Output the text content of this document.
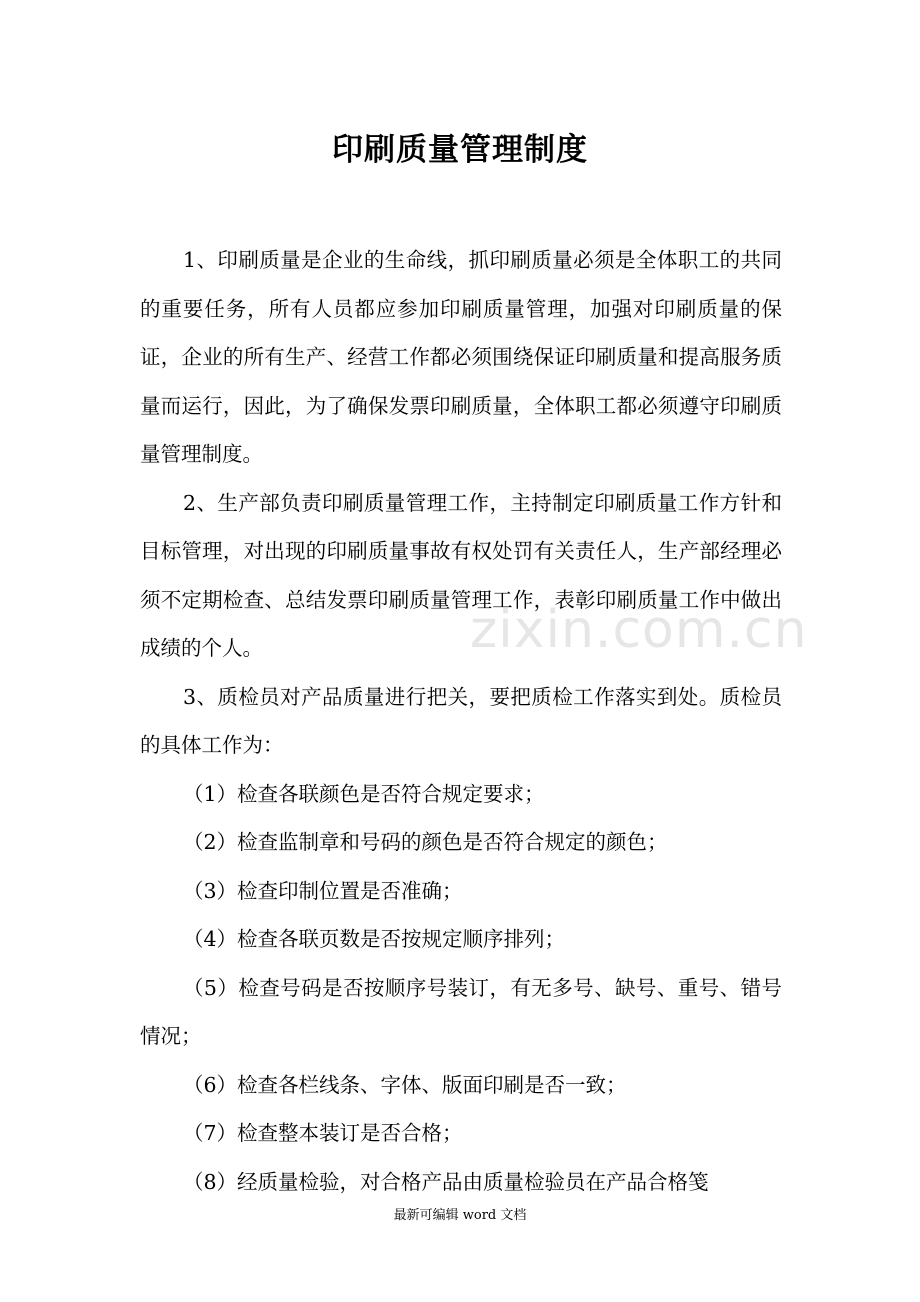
印刷质量管理制度
zixin.com.cn

1、印刷质量是企业的生命线，抓印刷质量必须是全体职工的共同的重要任务，所有人员都应参加印刷质量管理，加强对印刷质量的保证，企业的所有生产、经营工作都必须围绕保证印刷质量和提高服务质量而运行，因此，为了确保发票印刷质量，全体职工都必须遵守印刷质量管理制度。

2、生产部负责印刷质量管理工作，主持制定印刷质量工作方针和目标管理，对出现的印刷质量事故有权处罚有关责任人，生产部经理必须不定期检查、总结发票印刷质量管理工作，表彰印刷质量工作中做出成绩的个人。

3、质检员对产品质量进行把关，要把质检工作落实到处。质检员的具体工作为：

（1）检查各联颜色是否符合规定要求；

（2）检查监制章和号码的颜色是否符合规定的颜色；

（3）检查印制位置是否准确；

（4）检查各联页数是否按规定顺序排列；

（5）检查号码是否按顺序号装订，有无多号、缺号、重号、错号情况；

（6）检查各栏线条、字体、版面印刷是否一致；

（7）检查整本装订是否合格；

（8）经质量检验，对合格产品由质量检验员在产品合格笺

最新可编辑 word 文档
